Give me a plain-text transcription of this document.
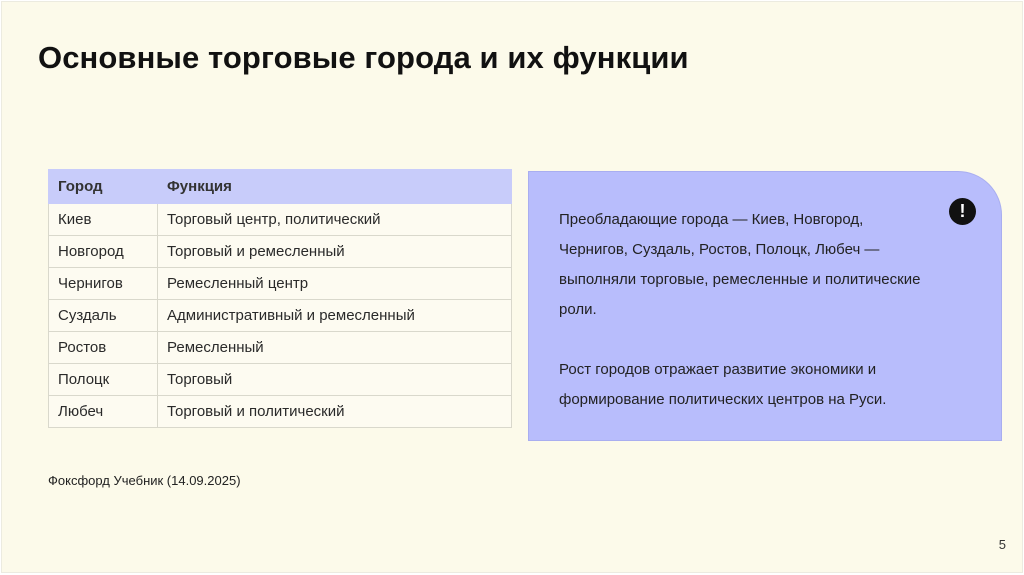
Основные торговые города и их функции
Город	Функция
Киев	Торговый центр, политический
Новгород	Торговый и ремесленный
Чернигов	Ремесленный центр
Суздаль	Административный и ремесленный
Ростов	Ремесленный
Полоцк	Торговый
Любеч	Торговый и политический
!

Преобладающие города — Киев, Новгород,
Чернигов, Суздаль, Ростов, Полоцк, Любеч —
выполняли торговые, ремесленные и политические
роли.

Рост городов отражает развитие экономики и
формирование политических центров на Руси.

Фоксфорд Учебник (14.09.2025)
5
